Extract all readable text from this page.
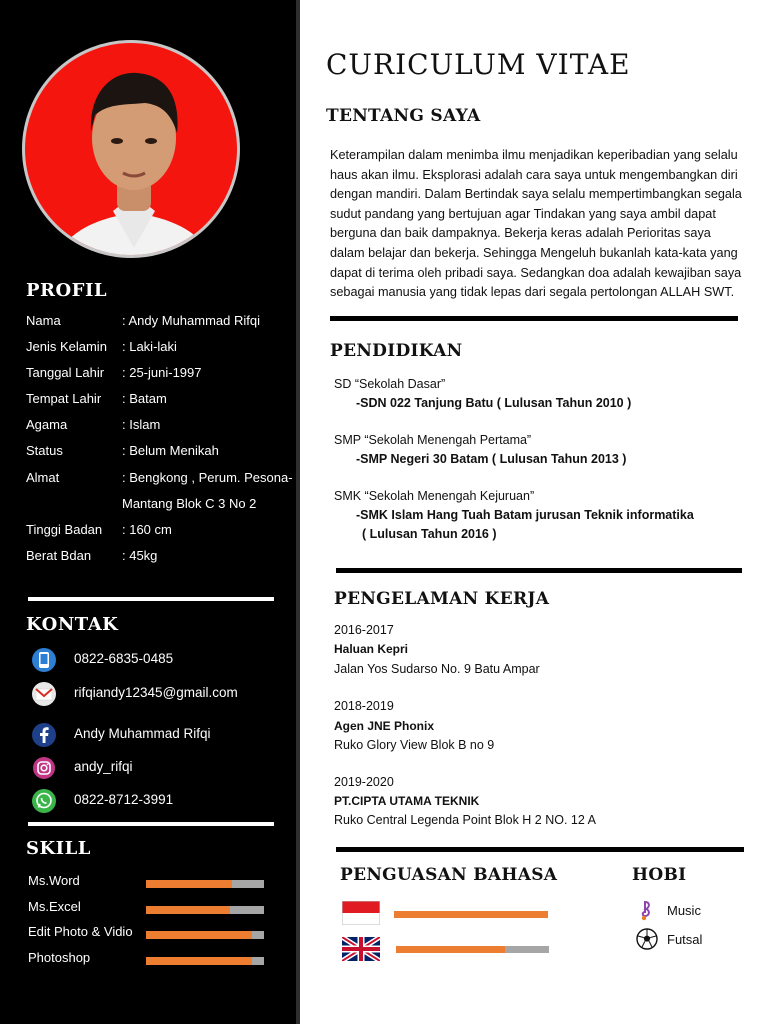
PROFIL
Nama	: Andy Muhammad Rifqi
Jenis Kelamin : Laki-laki
Tanggal Lahir : 25-juni-1997
Tempat Lahir : Batam
Agama	: Islam
Status	: Belum Menikah
Almat	: Bengkong , Perum. Pesona-
Mantang Blok C 3 No 2
Tinggi Badan : 160 cm
Berat Bdan : 45kg
KONTAK
0822-6835-0485
rifqiandy12345@gmail.com
Andy Muhammad Rifqi
andy_rifqi
0822-8712-3991
SKILL
Ms.Word
Ms.Excel
Edit Photo & Vidio
Photoshop
CURICULUM VITAE
TENTANG SAYA
Keterampilan dalam menimba ilmu menjadikan keperibadian yang selalu haus akan ilmu. Eksplorasi adalah cara saya untuk mengembangkan diri dengan mandiri. Dalam Bertindak saya selalu mempertimbangkan segala sudut pandang yang bertujuan agar Tindakan yang saya ambil dapat berguna dan baik dampaknya. Bekerja keras adalah Perioritas saya dalam belajar dan bekerja. Sehingga Mengeluh bukanlah kata-kata yang dapat di terima oleh pribadi saya. Sedangkan doa adalah kewajiban saya sebagai manusia yang tidak lepas dari segala pertolongan ALLAH SWT.
PENDIDIKAN
SD “Sekolah Dasar”
-SDN 022 Tanjung Batu ( Lulusan Tahun 2010 )
SMP “Sekolah Menengah Pertama”
-SMP Negeri 30 Batam ( Lulusan Tahun 2013 )
SMK “Sekolah Menengah Kejuruan”
-SMK Islam Hang Tuah Batam jurusan Teknik informatika
( Lulusan Tahun 2016 )
PENGELAMAN KERJA
2016-2017
Haluan Kepri
Jalan Yos Sudarso No. 9 Batu Ampar
2018-2019
Agen JNE Phonix
Ruko Glory View Blok B no 9
2019-2020
PT.CIPTA UTAMA TEKNIK
Ruko Central Legenda Point Blok H 2 NO. 12 A
PENGUASAN BAHASA	HOBI
Music
Futsal
